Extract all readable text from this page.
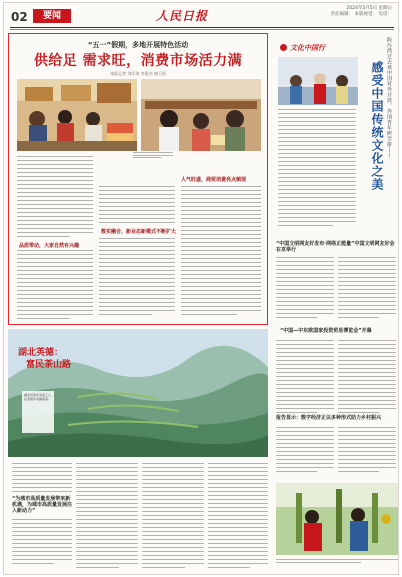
02	要闻	人民日报
2024年5月5日 星期日
责任编辑： 本版视觉： 电话：
“五一”假期，多地开展特色活动
供给足 需求旺，消费市场活力满
本报记者 刘军涛 李俊杰 谢卫国
品质带动，大家自然有兴趣
数实融合，新业态新模式不断扩大
人气旺盛，商贸消费亮点频现
文化中国行	防污湾过去谈中国对外开放，外国青年研学游——
感受中国传统文化之美
“中国文明网友好发布·网络正能量”中国文明网友好会在京举行
“中国—中东欧国家投资贸易博览会”开幕
报告显示：数字经济正以多种形式助力乡村振兴
湖北英德：
富民茶山路
湖北省某县采茶工人在茶园中采摘春茶。
“为城市高质量发展带来新机遇，为城市高质量发展注入新动力”
